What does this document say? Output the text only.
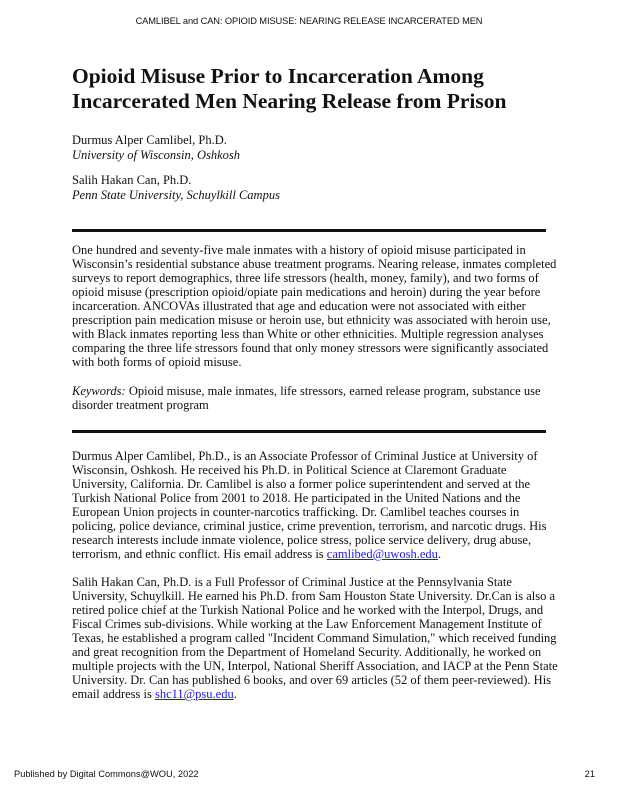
CAMLIBEL and CAN: OPIOID MISUSE: NEARING RELEASE INCARCERATED MEN
Opioid Misuse Prior to Incarceration Among
Incarcerated Men Nearing Release from Prison
Durmus Alper Camlibel, Ph.D.
University of Wisconsin, Oshkosh
Salih Hakan Can, Ph.D.
Penn State University, Schuylkill Campus
One hundred and seventy-five male inmates with a history of opioid misuse participated in
Wisconsin’s residential substance abuse treatment programs. Nearing release, inmates completed
surveys to report demographics, three life stressors (health, money, family), and two forms of
opioid misuse (prescription opioid/opiate pain medications and heroin) during the year before
incarceration. ANCOVAs illustrated that age and education were not associated with either
prescription pain medication misuse or heroin use, but ethnicity was associated with heroin use,
with Black inmates reporting less than White or other ethnicities. Multiple regression analyses
comparing the three life stressors found that only money stressors were significantly associated
with both forms of opioid misuse.
Keywords: Opioid misuse, male inmates, life stressors, earned release program, substance use
disorder treatment program
Durmus Alper Camlibel, Ph.D., is an Associate Professor of Criminal Justice at University of
Wisconsin, Oshkosh. He received his Ph.D. in Political Science at Claremont Graduate
University, California. Dr. Camlibel is also a former police superintendent and served at the
Turkish National Police from 2001 to 2018. He participated in the United Nations and the
European Union projects in counter-narcotics trafficking. Dr. Camlibel teaches courses in
policing, police deviance, criminal justice, crime prevention, terrorism, and narcotic drugs. His
research interests include inmate violence, police stress, police service delivery, drug abuse,
terrorism, and ethnic conflict. His email address is camlibed@uwosh.edu.
Salih Hakan Can, Ph.D. is a Full Professor of Criminal Justice at the Pennsylvania State
University, Schuylkill. He earned his Ph.D. from Sam Houston State University. Dr.Can is also a
retired police chief at the Turkish National Police and he worked with the Interpol, Drugs, and
Fiscal Crimes sub-divisions. While working at the Law Enforcement Management Institute of
Texas, he established a program called "Incident Command Simulation," which received funding
and great recognition from the Department of Homeland Security. Additionally, he worked on
multiple projects with the UN, Interpol, National Sheriff Association, and IACP at the Penn State
University. Dr. Can has published 6 books, and over 69 articles (52 of them peer-reviewed). His
email address is shc11@psu.edu.
Published by Digital Commons@WOU, 2022	21
